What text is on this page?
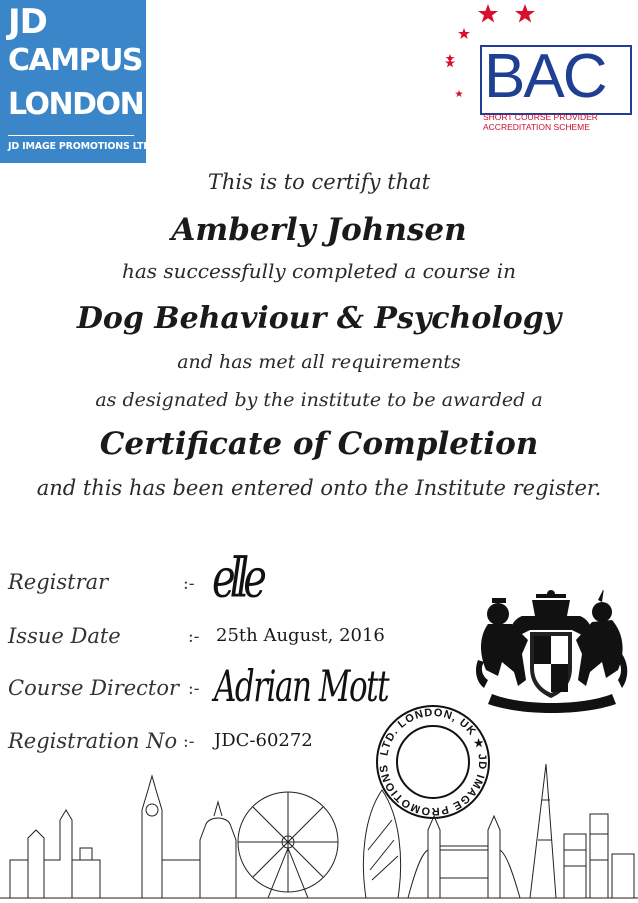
JD
CAMPUS
LONDON
JD IMAGE PROMOTIONS LTD.
BAC
SHORT COURSE PROVIDER
ACCREDITATION SCHEME
This is to certify that
Amberly Johnsen
has successfully completed a course in
Dog Behaviour & Psychology
and has met all requirements
as designated by the institute to be awarded a
Certificate of Completion
and this has been entered onto the Institute register.
Registrar	:- elle
Issue Date	:- 25th August, 2016
Course Director :- Adrian Mott
Registration No :- JDC-60272
LTD. LONDON, UK ★ JD IMAGE PROMOTIONS
